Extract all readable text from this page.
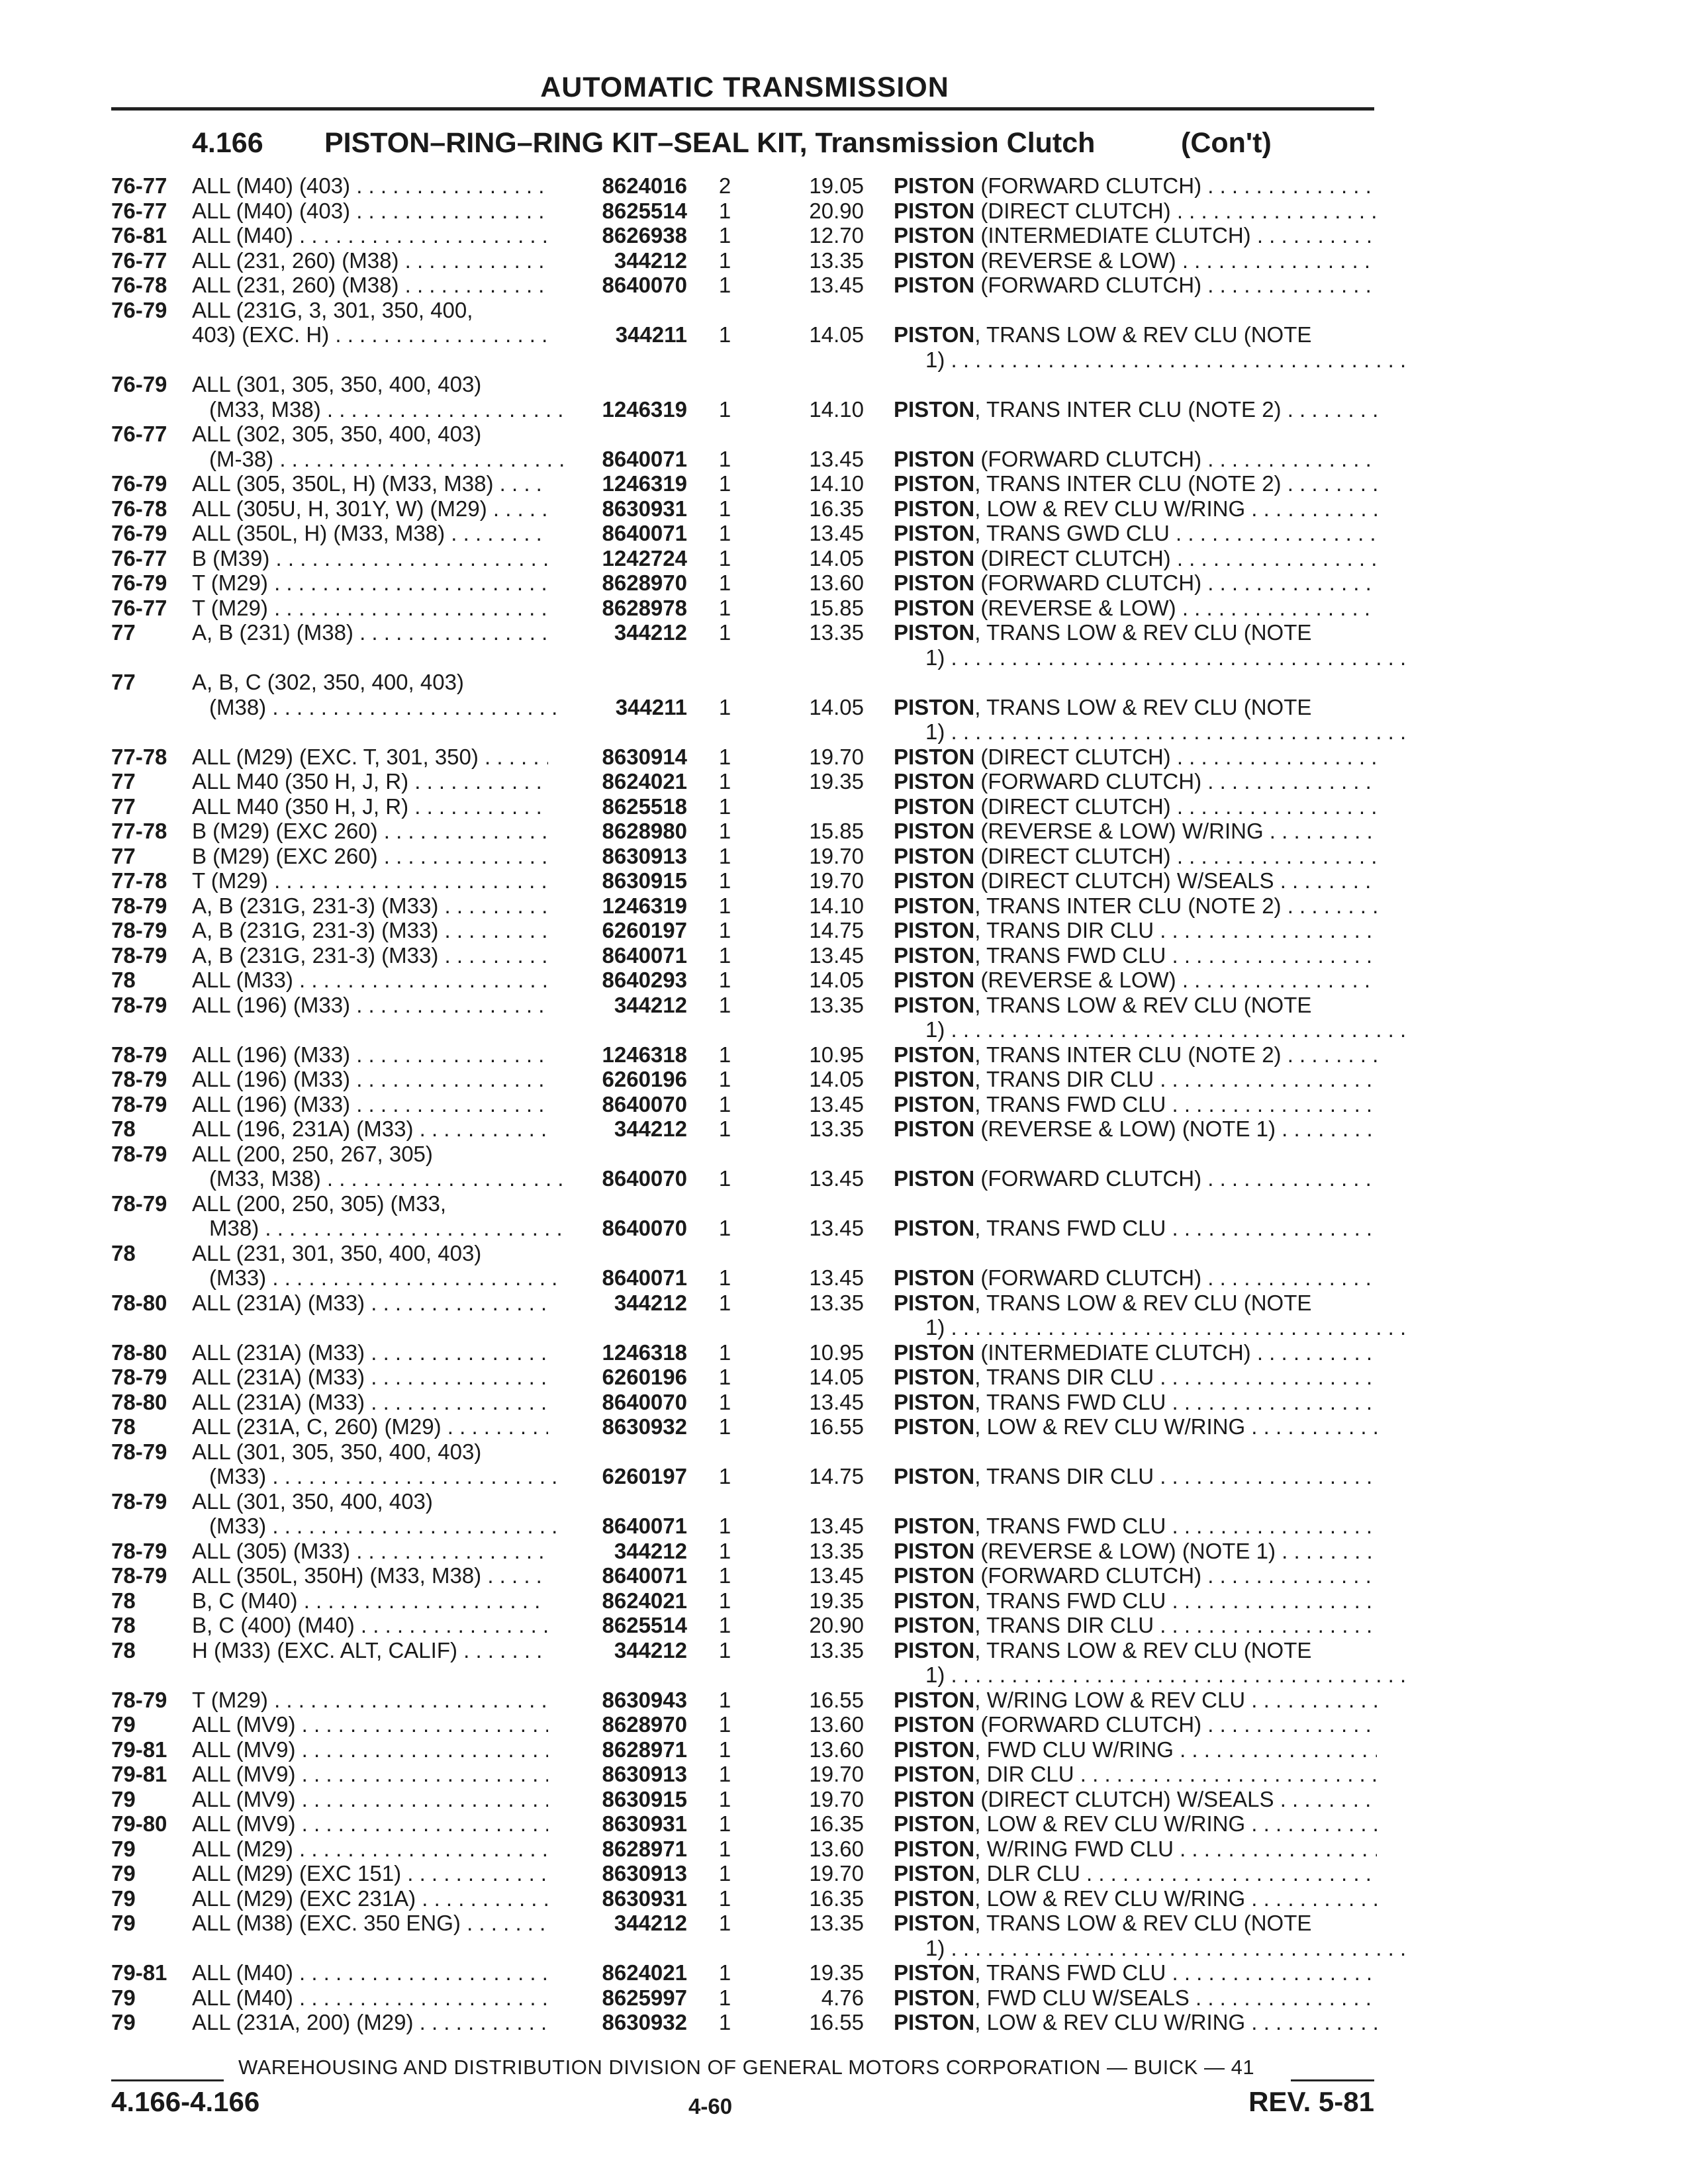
AUTOMATIC TRANSMISSION
4.166 PISTON–RING–RING KIT–SEAL KIT, Transmission Clutch	(Con't)
76-77 ALL (M40) (403) . . .	8624016 2	19.05 PISTON (FORWARD CLUTCH) . . .
76-77 ALL (M40) (403) . . .	8625514 1	20.90 PISTON (DIRECT CLUTCH) . . .
76-81 ALL (M40) . . .	8626938 1	12.70 PISTON (INTERMEDIATE CLUTCH) . . .
76-77 ALL (231, 260) (M38) . . .	344212 1	13.35 PISTON (REVERSE & LOW) . . .
76-78 ALL (231, 260) (M38) . . .	8640070 1	13.45 PISTON (FORWARD CLUTCH) . . .
76-79 ALL (231G, 3, 301, 350, 400,
403) (EXC. H) . . .	344211 1	14.05 PISTON, TRANS LOW & REV CLU (NOTE
1) . . .
76-79 ALL (301, 305, 350, 400, 403)
(M33, M38) . . .	1246319 1	14.10 PISTON, TRANS INTER CLU (NOTE 2) . . .
76-77 ALL (302, 305, 350, 400, 403)
(M-38) . . .	8640071 1	13.45 PISTON (FORWARD CLUTCH) . . .
76-79 ALL (305, 350L, H) (M33, M38) . . .	1246319 1	14.10 PISTON, TRANS INTER CLU (NOTE 2) . . .
76-78 ALL (305U, H, 301Y, W) (M29) . . .	8630931 1	16.35 PISTON, LOW & REV CLU W/RING . . .
76-79 ALL (350L, H) (M33, M38) . . .	8640071 1	13.45 PISTON, TRANS GWD CLU . . .
76-77 B (M39) . . .	1242724 1	14.05 PISTON (DIRECT CLUTCH) . . .
76-79 T (M29) . . .	8628970 1	13.60 PISTON (FORWARD CLUTCH) . . .
76-77 T (M29) . . .	8628978 1	15.85 PISTON (REVERSE & LOW) . . .
77	A, B (231) (M38) . . .	344212 1	13.35 PISTON, TRANS LOW & REV CLU (NOTE
1) . . .
77	A, B, C (302, 350, 400, 403)
(M38) . . .	344211 1	14.05 PISTON, TRANS LOW & REV CLU (NOTE
1) . . .
77-78 ALL (M29) (EXC. T, 301, 350) . . .	8630914 1	19.70 PISTON (DIRECT CLUTCH) . . .
77	ALL M40 (350 H, J, R) . . .	8624021 1	19.35 PISTON (FORWARD CLUTCH) . . .
77	ALL M40 (350 H, J, R) . . .	8625518 1	PISTON (DIRECT CLUTCH) . . .
77-78 B (M29) (EXC 260) . . .	8628980 1	15.85 PISTON (REVERSE & LOW) W/RING . . .
77	B (M29) (EXC 260) . . .	8630913 1	19.70 PISTON (DIRECT CLUTCH) . . .
77-78 T (M29) . . .	8630915 1	19.70 PISTON (DIRECT CLUTCH) W/SEALS . . .
78-79 A, B (231G, 231-3) (M33) . . .	1246319 1	14.10 PISTON, TRANS INTER CLU (NOTE 2) . . .
78-79 A, B (231G, 231-3) (M33) . . .	6260197 1	14.75 PISTON, TRANS DIR CLU . . .
78-79 A, B (231G, 231-3) (M33) . . .	8640071 1	13.45 PISTON, TRANS FWD CLU . . .
78	ALL (M33) . . .	8640293 1	14.05 PISTON (REVERSE & LOW) . . .
78-79 ALL (196) (M33) . . .	344212 1	13.35 PISTON, TRANS LOW & REV CLU (NOTE
1) . . .
78-79 ALL (196) (M33) . . .	1246318 1	10.95 PISTON, TRANS INTER CLU (NOTE 2) . . .
78-79 ALL (196) (M33) . . .	6260196 1	14.05 PISTON, TRANS DIR CLU . . .
78-79 ALL (196) (M33) . . .	8640070 1	13.45 PISTON, TRANS FWD CLU . . .
78	ALL (196, 231A) (M33) . . .	344212 1	13.35 PISTON (REVERSE & LOW) (NOTE 1) . . .
78-79 ALL (200, 250, 267, 305)
(M33, M38) . . .	8640070 1	13.45 PISTON (FORWARD CLUTCH) . . .
78-79 ALL (200, 250, 305) (M33,
M38) . . .	8640070 1	13.45 PISTON, TRANS FWD CLU . . .
78	ALL (231, 301, 350, 400, 403)
(M33) . . .	8640071 1	13.45 PISTON (FORWARD CLUTCH) . . .
78-80 ALL (231A) (M33) . . .	344212 1	13.35 PISTON, TRANS LOW & REV CLU (NOTE
1) . . .
78-80 ALL (231A) (M33) . . .	1246318 1	10.95 PISTON (INTERMEDIATE CLUTCH) . . .
78-79 ALL (231A) (M33) . . .	6260196 1	14.05 PISTON, TRANS DIR CLU . . .
78-80 ALL (231A) (M33) . . .	8640070 1	13.45 PISTON, TRANS FWD CLU . . .
78	ALL (231A, C, 260) (M29) . . .	8630932 1	16.55 PISTON, LOW & REV CLU W/RING . . .
78-79 ALL (301, 305, 350, 400, 403)
(M33) . . .	6260197 1	14.75 PISTON, TRANS DIR CLU . . .
78-79 ALL (301, 350, 400, 403)
(M33) . . .	8640071 1	13.45 PISTON, TRANS FWD CLU . . .
78-79 ALL (305) (M33) . . .	344212 1	13.35 PISTON (REVERSE & LOW) (NOTE 1) . . .
78-79 ALL (350L, 350H) (M33, M38) . . .	8640071 1	13.45 PISTON (FORWARD CLUTCH) . . .
78	B, C (M40) . . .	8624021 1	19.35 PISTON, TRANS FWD CLU . . .
78	B, C (400) (M40) . . .	8625514 1	20.90 PISTON, TRANS DIR CLU . . .
78	H (M33) (EXC. ALT, CALIF) . . .	344212 1	13.35 PISTON, TRANS LOW & REV CLU (NOTE
1) . . .
78-79 T (M29) . . .	8630943 1	16.55 PISTON, W/RING LOW & REV CLU . . .
79	ALL (MV9) . . .	8628970 1	13.60 PISTON (FORWARD CLUTCH) . . .
79-81 ALL (MV9) . . .	8628971 1	13.60 PISTON, FWD CLU W/RING . . .
79-81 ALL (MV9) . . .	8630913 1	19.70 PISTON, DIR CLU . . .
79	ALL (MV9) . . .	8630915 1	19.70 PISTON (DIRECT CLUTCH) W/SEALS . . .
79-80 ALL (MV9) . . .	8630931 1	16.35 PISTON, LOW & REV CLU W/RING . . .
79	ALL (M29) . . .	8628971 1	13.60 PISTON, W/RING FWD CLU . . .
79	ALL (M29) (EXC 151) . . .	8630913 1	19.70 PISTON, DLR CLU . . .
79	ALL (M29) (EXC 231A) . . .	8630931 1	16.35 PISTON, LOW & REV CLU W/RING . . .
79	ALL (M38) (EXC. 350 ENG) . . .	344212 1	13.35 PISTON, TRANS LOW & REV CLU (NOTE
1) . . .
79-81 ALL (M40) . . .	8624021 1	19.35 PISTON, TRANS FWD CLU . . .
79	ALL (M40) . . .	8625997 1	4.76 PISTON, FWD CLU W/SEALS . . .
79	ALL (231A, 200) (M29) . . .	8630932 1	16.55 PISTON, LOW & REV CLU W/RING . . .
WAREHOUSING AND DISTRIBUTION DIVISION OF GENERAL MOTORS CORPORATION — BUICK — 41
4.166-4.166	4-60	REV. 5-81
